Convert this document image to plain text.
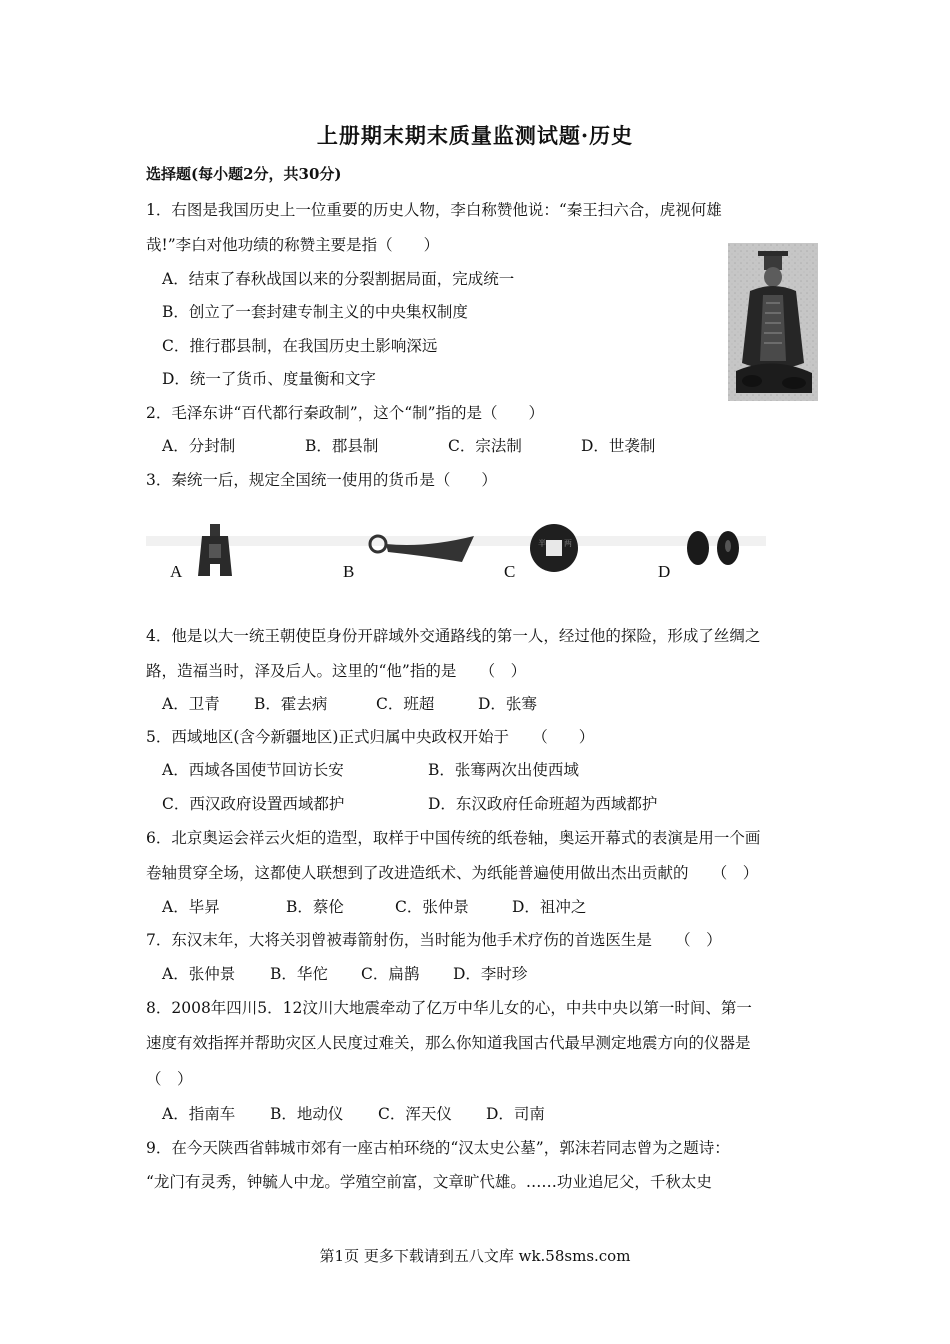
上册期末期末质量监测试题·历史
选择题(每小题2分，共30分)
1．右图是我国历史上一位重要的历史人物，李白称赞他说：“秦王扫六合，虎视何雄
哉!”李白对他功绩的称赞主要是指（　　）
A．结束了春秋战国以来的分裂割据局面，完成统一
B．创立了一套封建专制主义的中央集权制度
C．推行郡县制，在我国历史土影响深远
D．统一了货币、度量衡和文字
2．毛泽东讲“百代都行秦政制”，这个“制”指的是（　　）
A．分封制	B．郡县制	C．宗法制	D．世袭制
3．秦统一后，规定全国统一使用的货币是（　　）
半 两
A	B	C	D
4．他是以大一统王朝使臣身份开辟域外交通路线的第一人，经过他的探险，形成了丝绸之
路，造福当时，泽及后人。这里的“他”指的是　　（　）
A．卫青 B．霍去病	C．班超	D．张骞
5．西域地区(含今新疆地区)正式归属中央政权开始于　　（　　）
A．西域各国使节回访长安	B．张骞两次出使西域
C．西汉政府设置西域都护	D．东汉政府任命班超为西域都护
6．北京奥运会祥云火炬的造型，取样于中国传统的纸卷轴，奥运开幕式的表演是用一个画
卷轴贯穿全场，这都使人联想到了改进造纸术、为纸能普遍使用做出杰出贡献的　　（　）
A．毕昇	B．蔡伦	C．张仲景	D．祖冲之
7．东汉末年，大将关羽曾被毒箭射伤，当时能为他手术疗伤的首选医生是　　（　）
A．张仲景 B．华佗 C．扁鹊 D．李时珍
8．2008年四川5．12汶川大地震牵动了亿万中华儿女的心，中共中央以第一时间、第一
速度有效指挥并帮助灾区人民度过难关，那么你知道我国古代最早测定地震方向的仪器是
（　）
A．指南车 B．地动仪 C．浑天仪 D．司南
9．在今天陕西省韩城市郊有一座古柏环绕的“汉太史公墓”，郭沫若同志曾为之题诗：
“龙门有灵秀，钟毓人中龙。学殖空前富，文章旷代雄。……功业追尼父，千秋太史
第1页 更多下载请到五八文库 wk.58sms.com
